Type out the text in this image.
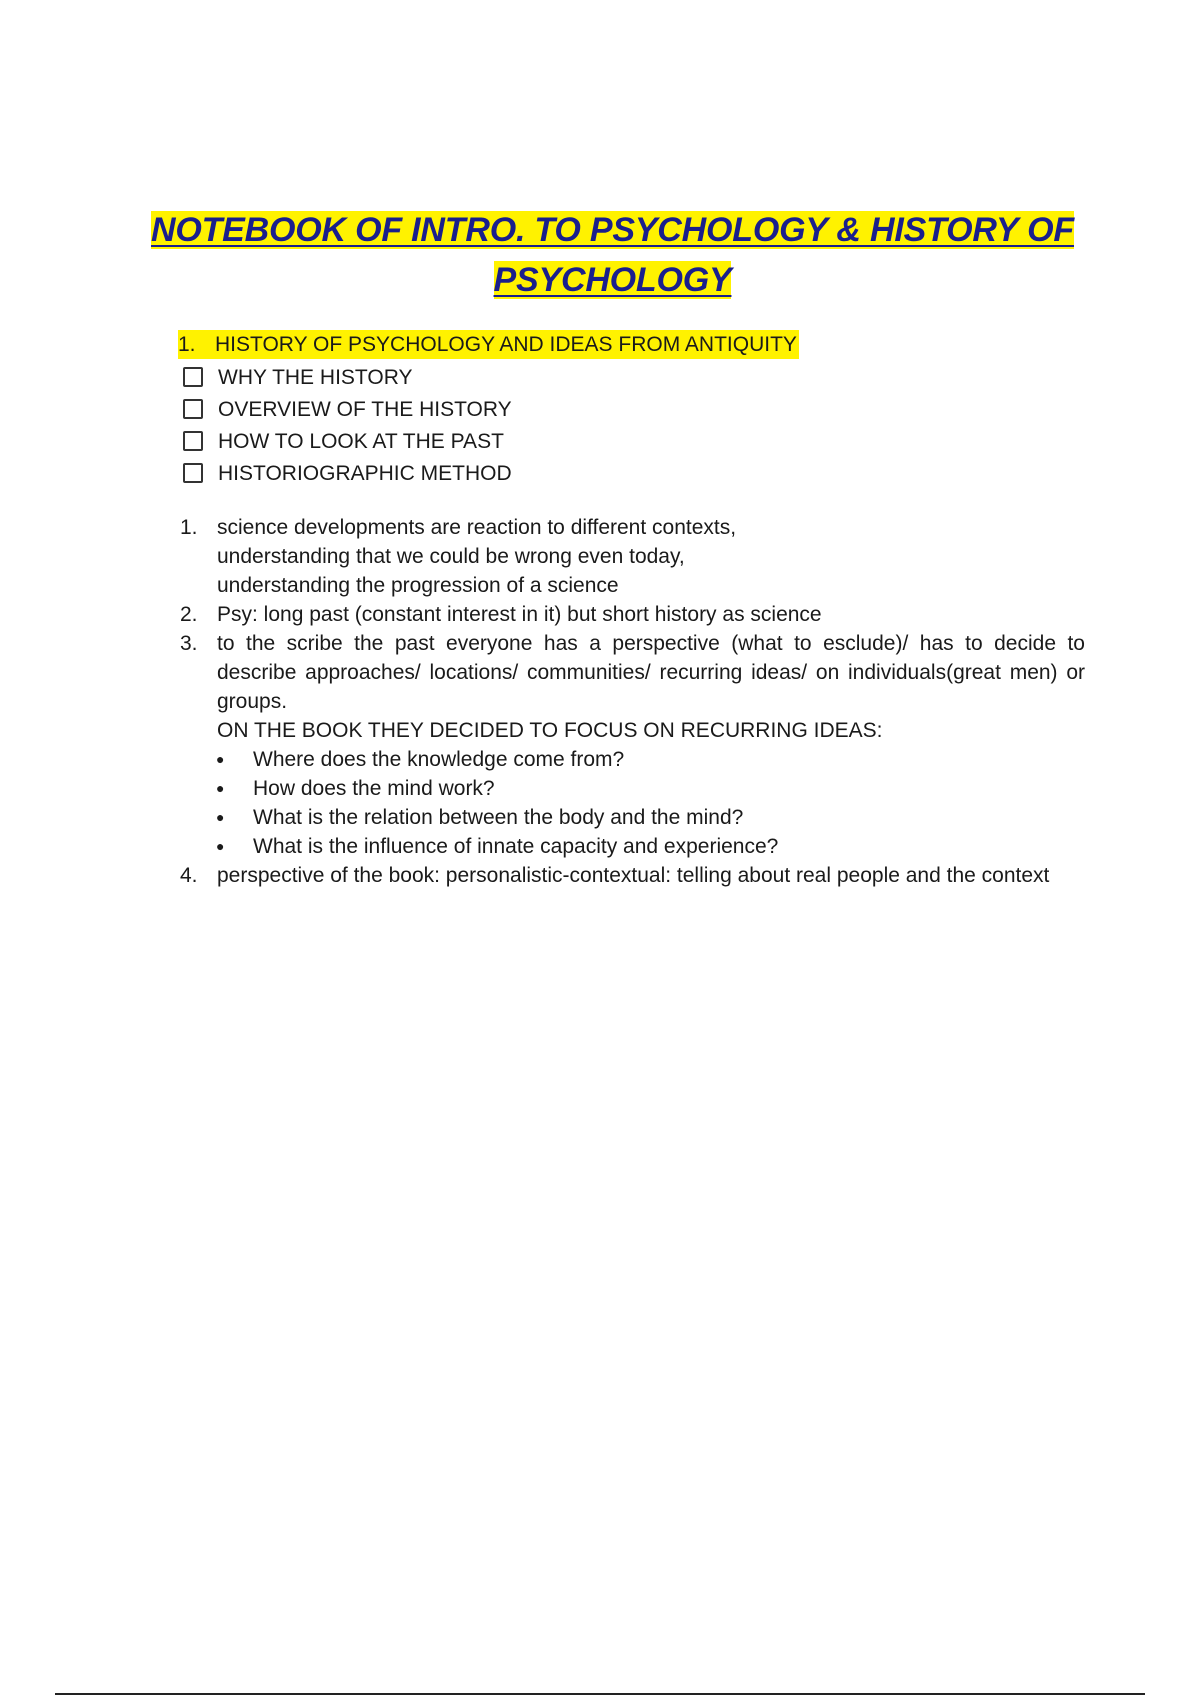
NOTEBOOK OF INTRO. TO PSYCHOLOGY & HISTORY OF PSYCHOLOGY
1. HISTORY OF PSYCHOLOGY AND IDEAS FROM ANTIQUITY
WHY THE HISTORY
OVERVIEW OF THE HISTORY
HOW TO LOOK AT THE PAST
HISTORIOGRAPHIC METHOD
1. science developments are reaction to different contexts,
understanding that we could be wrong even today,
understanding the progression of a science
2. Psy: long past (constant interest in it) but short history as science
3. to the scribe the past everyone has a perspective (what to esclude)/ has to decide to describe approaches/ locations/ communities/ recurring ideas/ on individuals(great men) or groups.
ON THE BOOK THEY DECIDED TO FOCUS ON RECURRING IDEAS:
●	Where does the knowledge come from?
●	How does the mind work?
●	What is the relation between the body and the mind?
●	What is the influence of innate capacity and experience?
4. perspective of the book: personalistic-contextual: telling about real people and the context
